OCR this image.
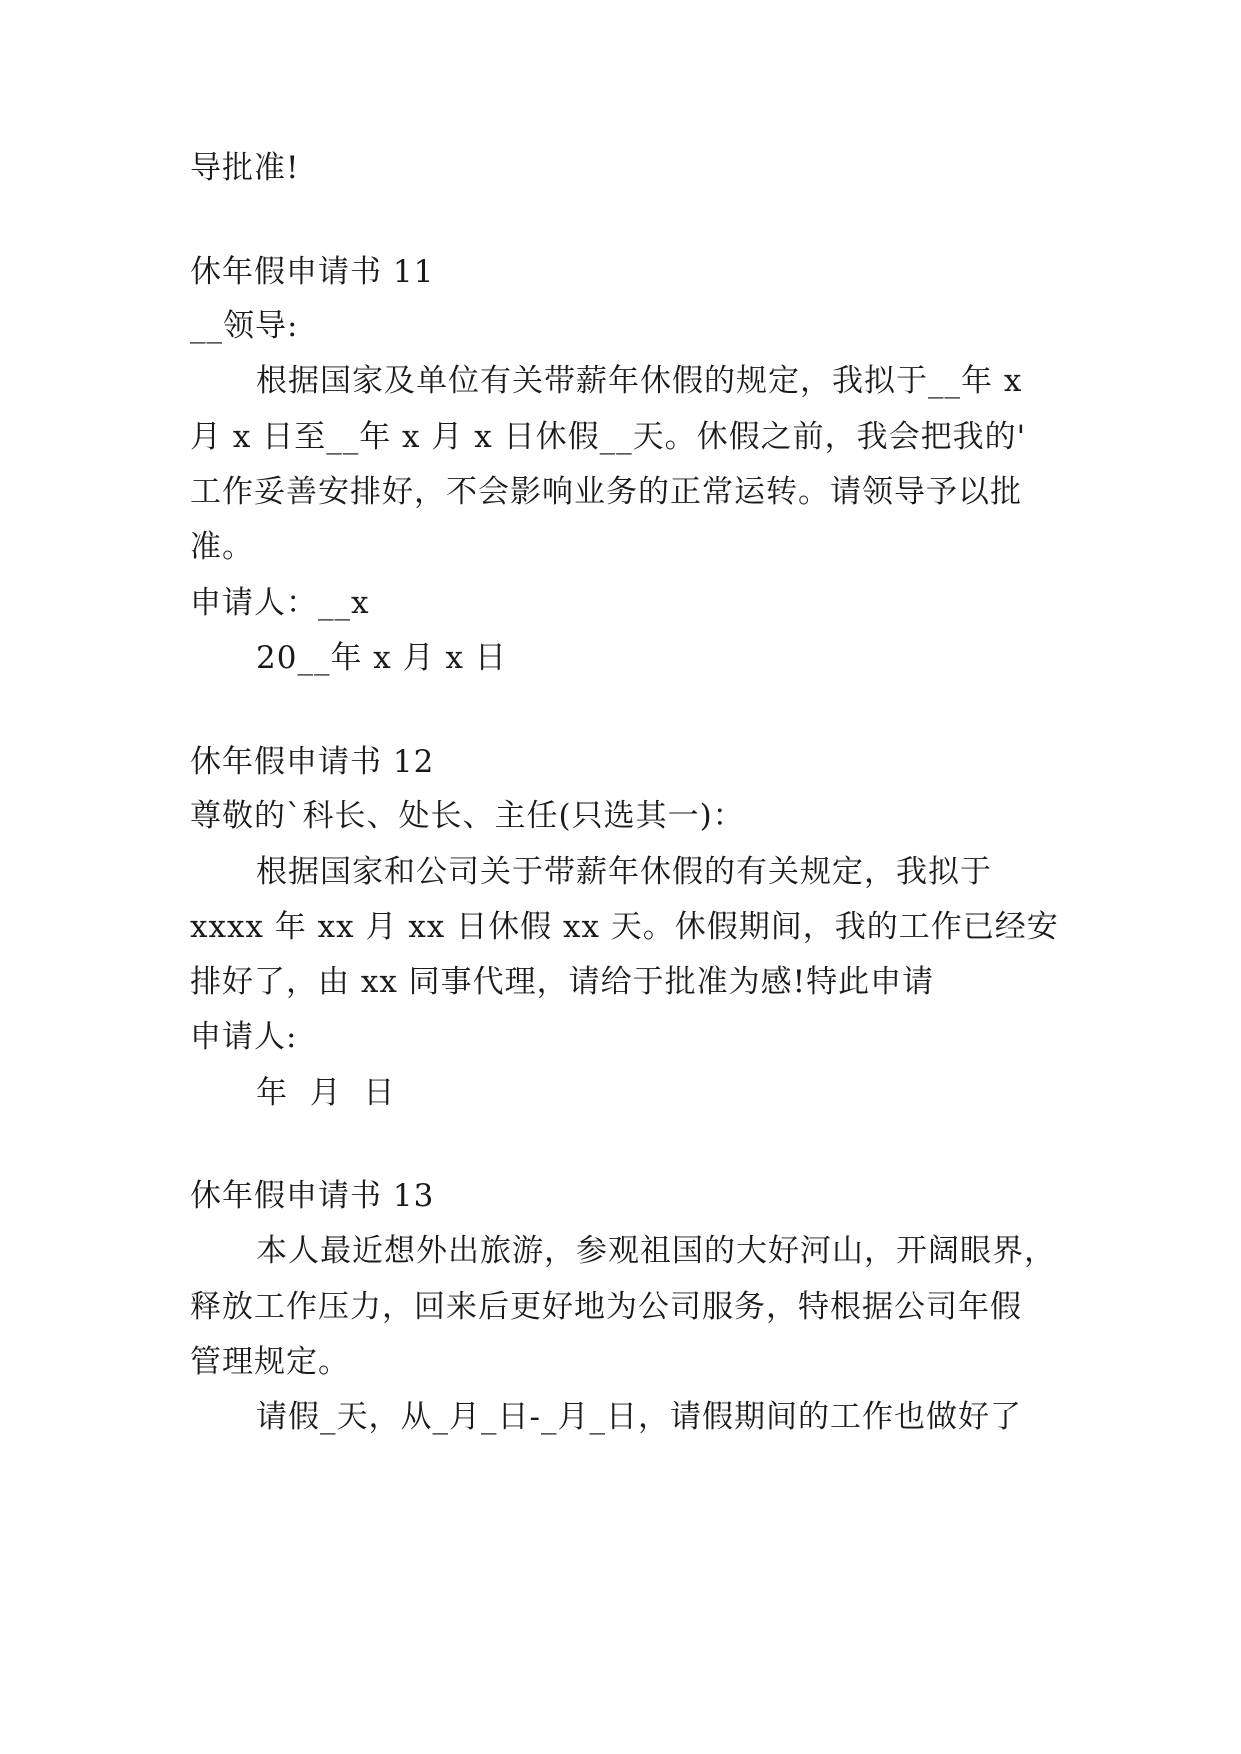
导批准!
休年假申请书 11
__领导:
根据国家及单位有关带薪年休假的规定，我拟于__年 x
月 x 日至__年 x 月 x 日休假__天。休假之前，我会把我的'
工作妥善安排好，不会影响业务的正常运转。请领导予以批
准。
申请人：__x
20__年 x 月 x 日
休年假申请书 12
尊敬的`科长、处长、主任(只选其一)：
根据国家和公司关于带薪年休假的有关规定，我拟于
xxxx 年 xx 月 xx 日休假 xx 天。休假期间，我的工作已经安
排好了，由 xx 同事代理，请给于批准为感!特此申请
申请人:
年  月  日
休年假申请书 13
本人最近想外出旅游，参观祖国的大好河山，开阔眼界，
释放工作压力，回来后更好地为公司服务，特根据公司年假
管理规定。
请假_天，从_月_日-_月_日，请假期间的工作也做好了
